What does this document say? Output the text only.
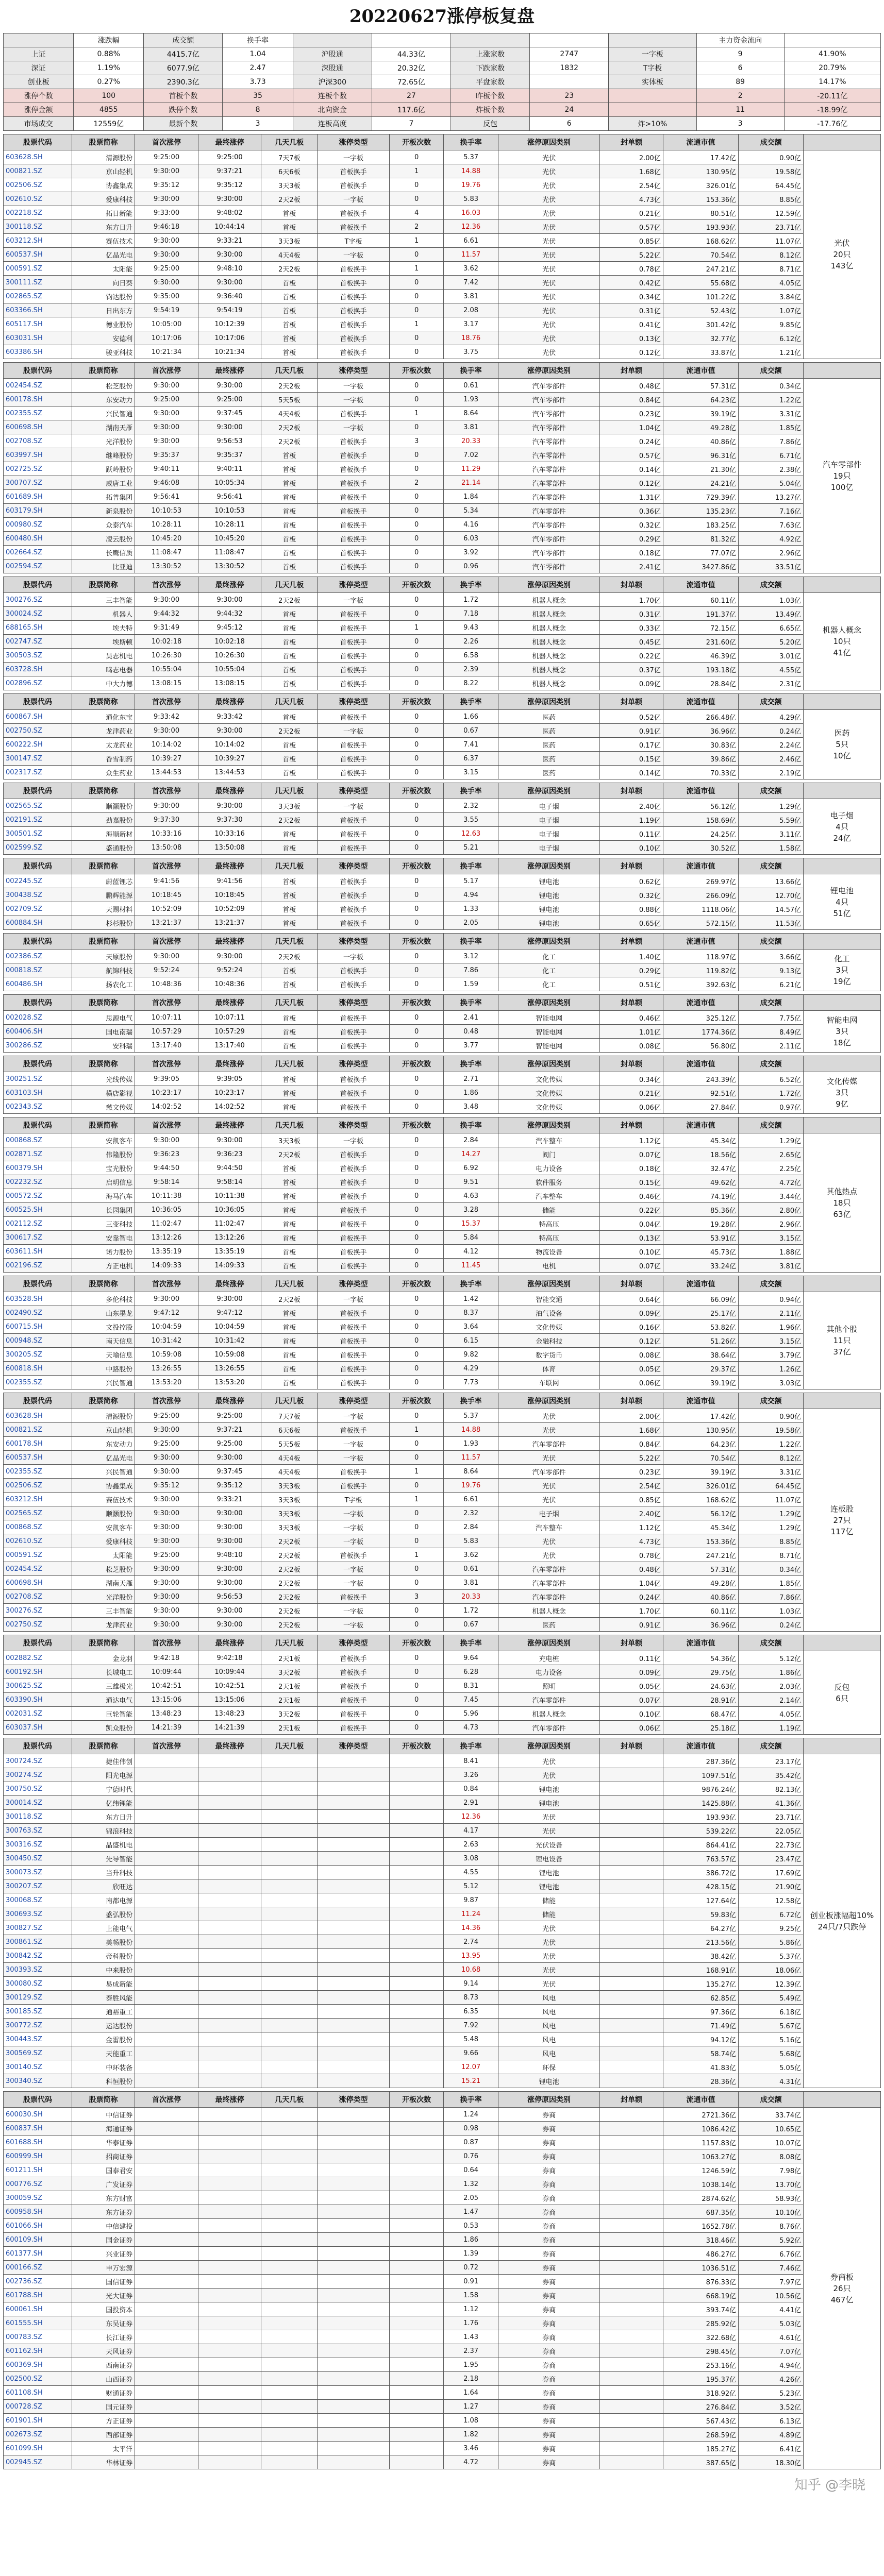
20220627涨停板复盘
	涨跌幅	成交额	换手率						主力资金流向	
上证	0.88%	4415.7亿	1.04	沪股通	44.33亿	上涨家数	2747	一字板	9	41.90%
深证	1.19%	6077.9亿	2.47	深股通	20.32亿	下跌家数	1832	T字板	6	20.79%
创业板	0.27%	2390.3亿	3.73	沪深300	72.65亿	平盘家数		实体板	89	14.17%
涨停个数	100	首板个数	35	连板个数	27	昨板个数	23		2	-20.11亿
涨停金额	4855	跌停个数	8	北向资金	117.6亿	炸板个数	24		11	-18.99亿
市场成交	12559亿	最新个数	3	连板高度	7	反包	6	炸>10%	3	-17.76亿
股票代码	股票简称	首次涨停	最终涨停	几天几板	涨停类型	开板次数	换手率	涨停原因类别	封单额	流通市值	成交额	
603628.SH	清源股份	9:25:00	9:25:00	7天7板	一字板	0	5.37	光伏	2.00亿	17.42亿	0.90亿	光伏
20只
143亿
000821.SZ	京山轻机	9:30:00	9:37:21	6天6板	首板换手	1	14.88	光伏	1.68亿	130.95亿	19.58亿	
002506.SZ	协鑫集成	9:35:12	9:35:12	3天3板	首板换手	0	19.76	光伏	2.54亿	326.01亿	64.45亿	
002610.SZ	爱康科技	9:30:00	9:30:00	2天2板	一字板	0	5.83	光伏	4.73亿	153.36亿	8.85亿	
002218.SZ	拓日新能	9:33:00	9:48:02	首板	首板换手	4	16.03	光伏	0.21亿	80.51亿	12.59亿	
300118.SZ	东方日升	9:46:18	10:44:14	首板	首板换手	2	12.36	光伏	0.57亿	193.93亿	23.71亿	
603212.SH	赛伍技术	9:30:00	9:33:21	3天3板	T字板	1	6.61	光伏	0.85亿	168.62亿	11.07亿	
600537.SH	亿晶光电	9:30:00	9:30:00	4天4板	一字板	0	11.57	光伏	5.22亿	70.54亿	8.12亿	
000591.SZ	太阳能	9:25:00	9:48:10	2天2板	首板换手	1	3.62	光伏	0.78亿	247.21亿	8.71亿	
300111.SZ	向日葵	9:30:00	9:30:00	首板	首板换手	0	7.42	光伏	0.42亿	55.68亿	4.05亿	
002865.SZ	钧达股份	9:35:00	9:36:40	首板	首板换手	0	3.81	光伏	0.34亿	101.22亿	3.84亿	
603366.SH	日出东方	9:54:19	9:54:19	首板	首板换手	0	2.08	光伏	0.31亿	52.43亿	1.07亿	
605117.SH	德业股份	10:05:00	10:12:39	首板	首板换手	1	3.17	光伏	0.41亿	301.42亿	9.85亿	
603031.SH	安德利	10:17:06	10:17:06	首板	首板换手	0	18.76	光伏	0.13亿	32.77亿	6.12亿	
603386.SH	骏亚科技	10:21:34	10:21:34	首板	首板换手	0	3.75	光伏	0.12亿	33.87亿	1.21亿	
股票代码	股票简称	首次涨停	最终涨停	几天几板	涨停类型	开板次数	换手率	涨停原因类别	封单额	流通市值	成交额	
002454.SZ	松芝股份	9:30:00	9:30:00	2天2板	一字板	0	0.61	汽车零部件	0.48亿	57.31亿	0.34亿	汽车零部件
19只
100亿
600178.SH	东安动力	9:25:00	9:25:00	5天5板	一字板	0	1.93	汽车零部件	0.84亿	64.23亿	1.22亿	
002355.SZ	兴民智通	9:30:00	9:37:45	4天4板	首板换手	1	8.64	汽车零部件	0.23亿	39.19亿	3.31亿	
600698.SH	湖南天雁	9:30:00	9:30:00	2天2板	一字板	0	3.81	汽车零部件	1.04亿	49.28亿	1.85亿	
002708.SZ	光洋股份	9:30:00	9:56:53	2天2板	首板换手	3	20.33	汽车零部件	0.24亿	40.86亿	7.86亿	
603997.SH	继峰股份	9:35:37	9:35:37	首板	首板换手	0	7.02	汽车零部件	0.57亿	96.31亿	6.71亿	
002725.SZ	跃岭股份	9:40:11	9:40:11	首板	首板换手	0	11.29	汽车零部件	0.14亿	21.30亿	2.38亿	
300707.SZ	威唐工业	9:46:08	10:05:34	首板	首板换手	2	21.14	汽车零部件	0.12亿	24.21亿	5.04亿	
601689.SH	拓普集团	9:56:41	9:56:41	首板	首板换手	0	1.84	汽车零部件	1.31亿	729.39亿	13.27亿	
603179.SH	新泉股份	10:10:53	10:10:53	首板	首板换手	0	5.34	汽车零部件	0.36亿	135.23亿	7.16亿	
000980.SZ	众泰汽车	10:28:11	10:28:11	首板	首板换手	0	4.16	汽车零部件	0.32亿	183.25亿	7.63亿	
600480.SH	凌云股份	10:45:20	10:45:20	首板	首板换手	0	6.03	汽车零部件	0.29亿	81.32亿	4.92亿	
002664.SZ	长鹰信质	11:08:47	11:08:47	首板	首板换手	0	3.92	汽车零部件	0.18亿	77.07亿	2.96亿	
002594.SZ	比亚迪	13:30:52	13:30:52	首板	首板换手	0	0.96	汽车零部件	2.41亿	3427.86亿	33.51亿	
股票代码	股票简称	首次涨停	最终涨停	几天几板	涨停类型	开板次数	换手率	涨停原因类别	封单额	流通市值	成交额	
300276.SZ	三丰智能	9:30:00	9:30:00	2天2板	一字板	0	1.72	机器人概念	1.70亿	60.11亿	1.03亿	机器人概念
10只
41亿
300024.SZ	机器人	9:44:32	9:44:32	首板	首板换手	0	7.18	机器人概念	0.31亿	191.37亿	13.49亿	
688165.SH	埃夫特	9:31:49	9:45:12	首板	首板换手	1	9.43	机器人概念	0.33亿	72.15亿	6.65亿	
002747.SZ	埃斯顿	10:02:18	10:02:18	首板	首板换手	0	2.26	机器人概念	0.45亿	231.60亿	5.20亿	
300503.SZ	昊志机电	10:26:30	10:26:30	首板	首板换手	0	6.58	机器人概念	0.22亿	46.39亿	3.01亿	
603728.SH	鸣志电器	10:55:04	10:55:04	首板	首板换手	0	2.39	机器人概念	0.37亿	193.18亿	4.55亿	
002896.SZ	中大力德	13:08:15	13:08:15	首板	首板换手	0	8.22	机器人概念	0.09亿	28.84亿	2.31亿	
股票代码	股票简称	首次涨停	最终涨停	几天几板	涨停类型	开板次数	换手率	涨停原因类别	封单额	流通市值	成交额	
600867.SH	通化东宝	9:33:42	9:33:42	首板	首板换手	0	1.66	医药	0.52亿	266.48亿	4.29亿	医药
5只
10亿
002750.SZ	龙津药业	9:30:00	9:30:00	2天2板	一字板	0	0.67	医药	0.91亿	36.96亿	0.24亿	
600222.SH	太龙药业	10:14:02	10:14:02	首板	首板换手	0	7.41	医药	0.17亿	30.83亿	2.24亿	
300147.SZ	香雪制药	10:39:27	10:39:27	首板	首板换手	0	6.37	医药	0.15亿	39.86亿	2.46亿	
002317.SZ	众生药业	13:44:53	13:44:53	首板	首板换手	0	3.15	医药	0.14亿	70.33亿	2.19亿	
股票代码	股票简称	首次涨停	最终涨停	几天几板	涨停类型	开板次数	换手率	涨停原因类别	封单额	流通市值	成交额	
002565.SZ	顺灏股份	9:30:00	9:30:00	3天3板	一字板	0	2.32	电子烟	2.40亿	56.12亿	1.29亿	电子烟
4只
24亿
002191.SZ	劲嘉股份	9:37:30	9:37:30	2天2板	首板换手	0	3.55	电子烟	1.19亿	158.69亿	5.59亿	
300501.SZ	海顺新材	10:33:16	10:33:16	首板	首板换手	0	12.63	电子烟	0.11亿	24.25亿	3.11亿	
002599.SZ	盛通股份	13:50:08	13:50:08	首板	首板换手	0	5.21	电子烟	0.10亿	30.52亿	1.58亿	
股票代码	股票简称	首次涨停	最终涨停	几天几板	涨停类型	开板次数	换手率	涨停原因类别	封单额	流通市值	成交额	
002245.SZ	蔚蓝锂芯	9:41:56	9:41:56	首板	首板换手	0	5.17	锂电池	0.62亿	269.97亿	13.66亿	锂电池
4只
51亿
300438.SZ	鹏辉能源	10:18:45	10:18:45	首板	首板换手	0	4.94	锂电池	0.32亿	266.09亿	12.70亿	
002709.SZ	天赐材料	10:52:09	10:52:09	首板	首板换手	0	1.33	锂电池	0.88亿	1118.06亿	14.57亿	
600884.SH	杉杉股份	13:21:37	13:21:37	首板	首板换手	0	2.05	锂电池	0.65亿	572.15亿	11.53亿	
股票代码	股票简称	首次涨停	最终涨停	几天几板	涨停类型	开板次数	换手率	涨停原因类别	封单额	流通市值	成交额	
002386.SZ	天原股份	9:30:00	9:30:00	2天2板	一字板	0	3.12	化工	1.40亿	118.97亿	3.66亿	化工
3只
19亿
000818.SZ	航锦科技	9:52:24	9:52:24	首板	首板换手	0	7.86	化工	0.29亿	119.82亿	9.13亿	
600486.SH	扬农化工	10:48:36	10:48:36	首板	首板换手	0	1.59	化工	0.51亿	392.63亿	6.21亿	
股票代码	股票简称	首次涨停	最终涨停	几天几板	涨停类型	开板次数	换手率	涨停原因类别	封单额	流通市值	成交额	
002028.SZ	思源电气	10:07:11	10:07:11	首板	首板换手	0	2.41	智能电网	0.46亿	325.12亿	7.75亿	智能电网
3只
18亿
600406.SH	国电南瑞	10:57:29	10:57:29	首板	首板换手	0	0.48	智能电网	1.01亿	1774.36亿	8.49亿	
300286.SZ	安科瑞	13:17:40	13:17:40	首板	首板换手	0	3.77	智能电网	0.08亿	56.80亿	2.11亿	
股票代码	股票简称	首次涨停	最终涨停	几天几板	涨停类型	开板次数	换手率	涨停原因类别	封单额	流通市值	成交额	
300251.SZ	光线传媒	9:39:05	9:39:05	首板	首板换手	0	2.71	文化传媒	0.34亿	243.39亿	6.52亿	文化传媒
3只
9亿
603103.SH	横店影视	10:23:17	10:23:17	首板	首板换手	0	1.86	文化传媒	0.21亿	92.51亿	1.72亿	
002343.SZ	慈文传媒	14:02:52	14:02:52	首板	首板换手	0	3.48	文化传媒	0.06亿	27.84亿	0.97亿	
股票代码	股票简称	首次涨停	最终涨停	几天几板	涨停类型	开板次数	换手率	涨停原因类别	封单额	流通市值	成交额	
000868.SZ	安凯客车	9:30:00	9:30:00	3天3板	一字板	0	2.84	汽车整车	1.12亿	45.34亿	1.29亿	其他热点
18只
63亿
002871.SZ	伟隆股份	9:36:23	9:36:23	2天2板	首板换手	0	14.27	阀门	0.07亿	18.56亿	2.65亿	
600379.SH	宝光股份	9:44:50	9:44:50	首板	首板换手	0	6.92	电力设备	0.18亿	32.47亿	2.25亿	
002232.SZ	启明信息	9:58:14	9:58:14	首板	首板换手	0	9.51	软件服务	0.15亿	49.62亿	4.72亿	
000572.SZ	海马汽车	10:11:38	10:11:38	首板	首板换手	0	4.63	汽车整车	0.46亿	74.19亿	3.44亿	
600525.SH	长园集团	10:36:05	10:36:05	首板	首板换手	0	3.28	储能	0.22亿	85.36亿	2.80亿	
002112.SZ	三变科技	11:02:47	11:02:47	首板	首板换手	0	15.37	特高压	0.04亿	19.28亿	2.96亿	
300617.SZ	安靠智电	13:12:26	13:12:26	首板	首板换手	0	5.84	特高压	0.13亿	53.91亿	3.15亿	
603611.SH	诺力股份	13:35:19	13:35:19	首板	首板换手	0	4.12	物流设备	0.10亿	45.73亿	1.88亿	
002196.SZ	方正电机	14:09:33	14:09:33	首板	首板换手	0	11.45	电机	0.07亿	33.24亿	3.81亿	
股票代码	股票简称	首次涨停	最终涨停	几天几板	涨停类型	开板次数	换手率	涨停原因类别	封单额	流通市值	成交额	
603528.SH	多伦科技	9:30:00	9:30:00	2天2板	一字板	0	1.42	智能交通	0.64亿	66.09亿	0.94亿	其他个股
11只
37亿
002490.SZ	山东墨龙	9:47:12	9:47:12	首板	首板换手	0	8.37	油气设备	0.09亿	25.17亿	2.11亿	
600715.SH	文投控股	10:04:59	10:04:59	首板	首板换手	0	3.64	文化传媒	0.16亿	53.82亿	1.96亿	
000948.SZ	南天信息	10:31:42	10:31:42	首板	首板换手	0	6.15	金融科技	0.12亿	51.26亿	3.15亿	
300205.SZ	天喻信息	10:59:08	10:59:08	首板	首板换手	0	9.82	数字货币	0.08亿	38.64亿	3.79亿	
600818.SH	中路股份	13:26:55	13:26:55	首板	首板换手	0	4.29	体育	0.05亿	29.37亿	1.26亿	
002355.SZ	兴民智通	13:53:20	13:53:20	首板	首板换手	0	7.73	车联网	0.06亿	39.19亿	3.03亿	
股票代码	股票简称	首次涨停	最终涨停	几天几板	涨停类型	开板次数	换手率	涨停原因类别	封单额	流通市值	成交额	
603628.SH	清源股份	9:25:00	9:25:00	7天7板	一字板	0	5.37	光伏	2.00亿	17.42亿	0.90亿	连板股
27只
117亿
000821.SZ	京山轻机	9:30:00	9:37:21	6天6板	首板换手	1	14.88	光伏	1.68亿	130.95亿	19.58亿	
600178.SH	东安动力	9:25:00	9:25:00	5天5板	一字板	0	1.93	汽车零部件	0.84亿	64.23亿	1.22亿	
600537.SH	亿晶光电	9:30:00	9:30:00	4天4板	一字板	0	11.57	光伏	5.22亿	70.54亿	8.12亿	
002355.SZ	兴民智通	9:30:00	9:37:45	4天4板	首板换手	1	8.64	汽车零部件	0.23亿	39.19亿	3.31亿	
002506.SZ	协鑫集成	9:35:12	9:35:12	3天3板	首板换手	0	19.76	光伏	2.54亿	326.01亿	64.45亿	
603212.SH	赛伍技术	9:30:00	9:33:21	3天3板	T字板	1	6.61	光伏	0.85亿	168.62亿	11.07亿	
002565.SZ	顺灏股份	9:30:00	9:30:00	3天3板	一字板	0	2.32	电子烟	2.40亿	56.12亿	1.29亿	
000868.SZ	安凯客车	9:30:00	9:30:00	3天3板	一字板	0	2.84	汽车整车	1.12亿	45.34亿	1.29亿	
002610.SZ	爱康科技	9:30:00	9:30:00	2天2板	一字板	0	5.83	光伏	4.73亿	153.36亿	8.85亿	
000591.SZ	太阳能	9:25:00	9:48:10	2天2板	首板换手	1	3.62	光伏	0.78亿	247.21亿	8.71亿	
002454.SZ	松芝股份	9:30:00	9:30:00	2天2板	一字板	0	0.61	汽车零部件	0.48亿	57.31亿	0.34亿	
600698.SH	湖南天雁	9:30:00	9:30:00	2天2板	一字板	0	3.81	汽车零部件	1.04亿	49.28亿	1.85亿	
002708.SZ	光洋股份	9:30:00	9:56:53	2天2板	首板换手	3	20.33	汽车零部件	0.24亿	40.86亿	7.86亿	
300276.SZ	三丰智能	9:30:00	9:30:00	2天2板	一字板	0	1.72	机器人概念	1.70亿	60.11亿	1.03亿	
002750.SZ	龙津药业	9:30:00	9:30:00	2天2板	一字板	0	0.67	医药	0.91亿	36.96亿	0.24亿	
股票代码	股票简称	首次涨停	最终涨停	几天几板	涨停类型	开板次数	换手率	涨停原因类别	封单额	流通市值	成交额	
002882.SZ	金龙羽	9:42:18	9:42:18	2天1板	首板换手	0	9.64	充电桩	0.11亿	54.36亿	5.12亿	反包
6只
600192.SH	长城电工	10:09:44	10:09:44	3天2板	首板换手	0	6.28	电力设备	0.09亿	29.75亿	1.86亿	
300625.SZ	三雄极光	10:42:51	10:42:51	2天1板	首板换手	0	8.31	照明	0.05亿	24.63亿	2.03亿	
603390.SH	通达电气	13:15:06	13:15:06	2天1板	首板换手	0	7.45	汽车零部件	0.07亿	28.91亿	2.14亿	
002031.SZ	巨轮智能	13:48:23	13:48:23	3天2板	首板换手	0	5.96	机器人概念	0.10亿	68.47亿	4.05亿	
603037.SH	凯众股份	14:21:39	14:21:39	2天1板	首板换手	0	4.73	汽车零部件	0.06亿	25.18亿	1.19亿	
股票代码	股票简称	首次涨停	最终涨停	几天几板	涨停类型	开板次数	换手率	涨停原因类别	封单额	流通市值	成交额	
300724.SZ	捷佳伟创						8.41	光伏		287.36亿	23.17亿	创业板涨幅超10%
24只/7只跌停
300274.SZ	阳光电源						3.26	光伏		1097.51亿	35.42亿	
300750.SZ	宁德时代						0.84	锂电池		9876.24亿	82.13亿	
300014.SZ	亿纬锂能						2.91	锂电池		1425.88亿	41.36亿	
300118.SZ	东方日升						12.36	光伏		193.93亿	23.71亿	
300763.SZ	锦浪科技						4.17	光伏		539.22亿	22.05亿	
300316.SZ	晶盛机电						2.63	光伏设备		864.41亿	22.73亿	
300450.SZ	先导智能						3.08	锂电设备		763.57亿	23.47亿	
300073.SZ	当升科技						4.55	锂电池		386.72亿	17.69亿	
300207.SZ	欣旺达						5.12	锂电池		428.15亿	21.90亿	
300068.SZ	南都电源						9.87	储能		127.64亿	12.58亿	
300693.SZ	盛弘股份						11.24	储能		59.83亿	6.72亿	
300827.SZ	上能电气						14.36	光伏		64.27亿	9.25亿	
300861.SZ	美畅股份						2.74	光伏		213.56亿	5.86亿	
300842.SZ	帝科股份						13.95	光伏		38.42亿	5.37亿	
300393.SZ	中来股份						10.68	光伏		168.91亿	18.06亿	
300080.SZ	易成新能						9.14	光伏		135.27亿	12.39亿	
300129.SZ	泰胜风能						8.73	风电		62.85亿	5.49亿	
300185.SZ	通裕重工						6.35	风电		97.36亿	6.18亿	
300772.SZ	运达股份						7.92	风电		71.49亿	5.67亿	
300443.SZ	金雷股份						5.48	风电		94.12亿	5.16亿	
300569.SZ	天能重工						9.66	风电		58.74亿	5.68亿	
300140.SZ	中环装备						12.07	环保		41.83亿	5.05亿	
300340.SZ	科恒股份						15.21	锂电池		28.36亿	4.31亿	
股票代码	股票简称	首次涨停	最终涨停	几天几板	涨停类型	开板次数	换手率	涨停原因类别	封单额	流通市值	成交额	
600030.SH	中信证券						1.24	券商		2721.36亿	33.74亿	券商板
26只
467亿
600837.SH	海通证券						0.98	券商		1086.42亿	10.65亿	
601688.SH	华泰证券						0.87	券商		1157.83亿	10.07亿	
600999.SH	招商证券						0.76	券商		1063.27亿	8.08亿	
601211.SH	国泰君安						0.64	券商		1246.59亿	7.98亿	
000776.SZ	广发证券						1.32	券商		1038.14亿	13.70亿	
300059.SZ	东方财富						2.05	券商		2874.62亿	58.93亿	
600958.SH	东方证券						1.47	券商		687.35亿	10.10亿	
601066.SH	中信建投						0.53	券商		1652.78亿	8.76亿	
600109.SH	国金证券						1.86	券商		318.46亿	5.92亿	
601377.SH	兴业证券						1.39	券商		486.27亿	6.76亿	
000166.SZ	申万宏源						0.72	券商		1036.51亿	7.46亿	
002736.SZ	国信证券						0.91	券商		876.33亿	7.97亿	
601788.SH	光大证券						1.58	券商		668.19亿	10.56亿	
600061.SH	国投资本						1.12	券商		393.74亿	4.41亿	
601555.SH	东吴证券						1.76	券商		285.92亿	5.03亿	
000783.SZ	长江证券						1.43	券商		322.68亿	4.61亿	
601162.SH	天风证券						2.37	券商		298.45亿	7.07亿	
600369.SH	西南证券						1.95	券商		253.16亿	4.94亿	
002500.SZ	山西证券						2.18	券商		195.37亿	4.26亿	
601108.SH	财通证券						1.64	券商		318.92亿	5.23亿	
000728.SZ	国元证券						1.27	券商		276.84亿	3.52亿	
601901.SH	方正证券						1.08	券商		567.43亿	6.13亿	
002673.SZ	西部证券						1.82	券商		268.59亿	4.89亿	
601099.SH	太平洋						3.46	券商		185.27亿	6.41亿	
002945.SZ	华林证券						4.72	券商		387.65亿	18.30亿	
知乎 @李晓
